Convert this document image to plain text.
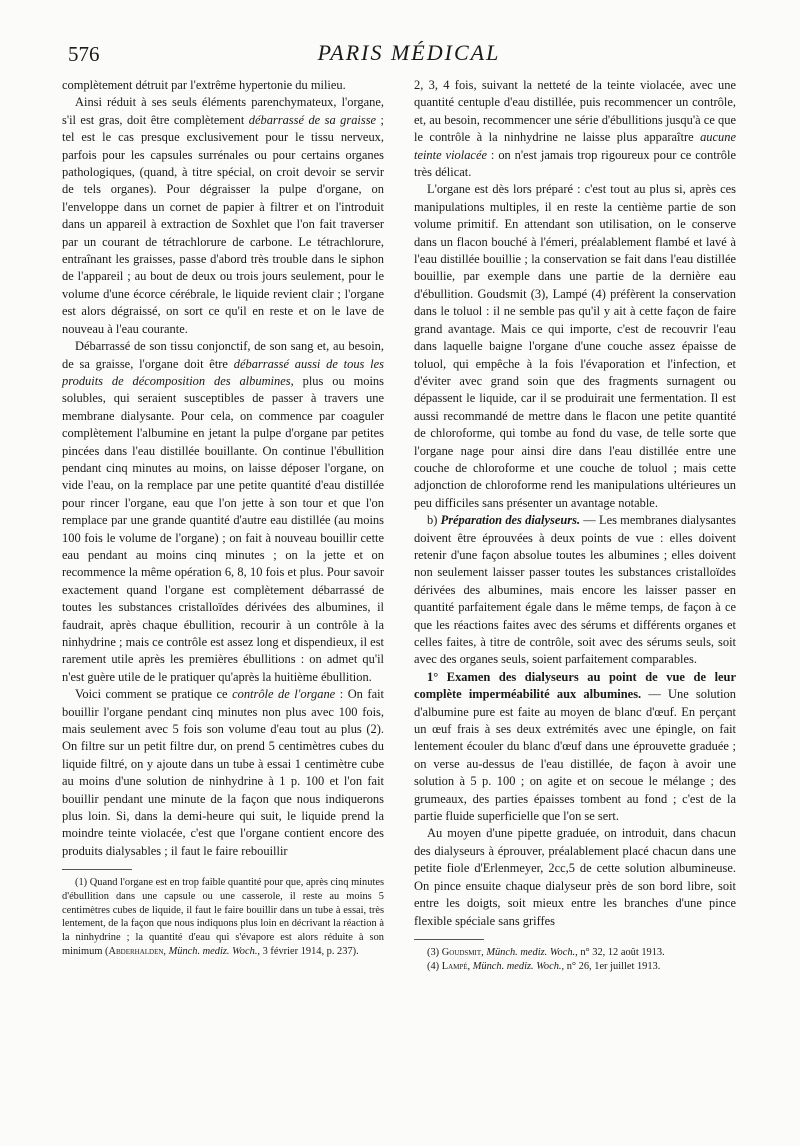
576	PARIS MÉDICAL

complètement détruit par l'extrême hypertonie du milieu.

Ainsi réduit à ses seuls éléments parenchymateux, l'organe, s'il est gras, doit être complètement débarrassé de sa graisse ; tel est le cas presque exclusivement pour le tissu nerveux, parfois pour les capsules surrénales ou pour certains organes pathologiques, (quand, à titre spécial, on croit devoir se servir de tels organes). Pour dégraisser la pulpe d'organe, on l'enveloppe dans un cornet de papier à filtrer et on l'introduit dans un appareil à extraction de Soxhlet que l'on fait traverser par un courant de tétrachlorure de carbone. Le tétrachlorure, entraînant les graisses, passe d'abord très trouble dans le siphon de l'appareil ; au bout de deux ou trois jours seulement, pour le volume d'une écorce cérébrale, le liquide revient clair ; l'organe est alors dégraissé, on sort ce qu'il en reste et on le lave de nouveau à l'eau courante.

Débarrassé de son tissu conjonctif, de son sang et, au besoin, de sa graisse, l'organe doit être débarrassé aussi de tous les produits de décomposition des albumines, plus ou moins solubles, qui seraient susceptibles de passer à travers une membrane dialysante. Pour cela, on commence par coaguler complètement l'albumine en jetant la pulpe d'organe par petites pincées dans l'eau distillée bouillante. On continue l'ébullition pendant cinq minutes au moins, on laisse déposer l'organe, on vide l'eau, on la remplace par une petite quantité d'eau distillée pour rincer l'organe, eau que l'on jette à son tour et que l'on remplace par une grande quantité d'autre eau distillée (au moins 100 fois le volume de l'organe) ; on fait à nouveau bouillir cette eau pendant au moins cinq minutes ; on la jette et on recommence la même opération 6, 8, 10 fois et plus. Pour savoir exactement quand l'organe est complètement débarrassé de toutes les substances cristalloïdes dérivées des albumines, il faudrait, après chaque ébullition, recourir à un contrôle à la ninhydrine ; mais ce contrôle est assez long et dispendieux, il est rarement utile après les premières ébullitions : on admet qu'il n'est guère utile de le pratiquer qu'après la huitième ébullition.

Voici comment se pratique ce contrôle de l'organe : On fait bouillir l'organe pendant cinq minutes non plus avec 100 fois, mais seulement avec 5 fois son volume d'eau tout au plus (2). On filtre sur un petit filtre dur, on prend 5 centimètres cubes du liquide filtré, on y ajoute dans un tube à essai 1 centimètre cube au moins d'une solution de ninhydrine à 1 p. 100 et l'on fait bouillir pendant une minute de la façon que nous indiquerons plus loin. Si, dans la demi-heure qui suit, le liquide prend la moindre teinte violacée, c'est que l'organe contient encore des produits dialysables ; il faut le faire rebouillir

(1) Quand l'organe est en trop faible quantité pour que, après cinq minutes d'ébullition dans une capsule ou une casserole, il reste au moins 5 centimètres cubes de liquide, il faut le faire bouillir dans un tube à essai, très lentement, de la façon que nous indiquons plus loin en décrivant la réaction à la ninhydrine ; la quantité d'eau qui s'évapore est alors réduite à son minimum (Abderhalden, Münch. mediz. Woch., 3 février 1914, p. 237).

2, 3, 4 fois, suivant la netteté de la teinte violacée, avec une quantité centuple d'eau distillée, puis recommencer un contrôle, et, au besoin, recommencer une série d'ébullitions jusqu'à ce que le contrôle à la ninhydrine ne laisse plus apparaître aucune teinte violacée : on n'est jamais trop rigoureux pour ce contrôle très délicat.

L'organe est dès lors préparé : c'est tout au plus si, après ces manipulations multiples, il en reste la centième partie de son volume primitif. En attendant son utilisation, on le conserve dans un flacon bouché à l'émeri, préalablement flambé et lavé à l'eau distillée bouillie ; la conservation se fait dans l'eau distillée bouillie, par exemple dans une partie de la dernière eau d'ébullition. Goudsmit (3), Lampé (4) préfèrent la conservation dans le toluol : il ne semble pas qu'il y ait à cette façon de faire grand avantage. Mais ce qui importe, c'est de recouvrir l'eau dans laquelle baigne l'organe d'une couche assez épaisse de toluol, qui empêche à la fois l'évaporation et l'infection, et d'éviter avec grand soin que des fragments surnagent ou dépassent le liquide, car il se produirait une fermentation. Il est aussi recommandé de mettre dans le flacon une petite quantité de chloroforme, qui tombe au fond du vase, de telle sorte que l'organe nage pour ainsi dire dans l'eau distillée entre une couche de chloroforme et une couche de toluol ; mais cette adjonction de chloroforme rend les manipulations ultérieures un peu difficiles sans présenter un avantage notable.

b) Préparation des dialyseurs. — Les membranes dialysantes doivent être éprouvées à deux points de vue : elles doivent retenir d'une façon absolue toutes les albumines ; elles doivent non seulement laisser passer toutes les substances cristalloïdes dérivées des albumines, mais encore les laisser passer en quantité parfaitement égale dans le même temps, de façon à ce que les réactions faites avec des sérums et différents organes et celles faites, à titre de contrôle, soit avec des sérums seuls, soit avec des organes seuls, soient parfaitement comparables.

1° Examen des dialyseurs au point de vue de leur complète imperméabilité aux albumines. — Une solution d'albumine pure est faite au moyen de blanc d'œuf. En perçant un œuf frais à ses deux extrémités avec une épingle, on fait lentement écouler du blanc d'œuf dans une éprouvette graduée ; on verse au-dessus de l'eau distillée, de façon à avoir une solution à 5 p. 100 ; on agite et on secoue le mélange ; des grumeaux, des parties épaisses tombent au fond ; c'est de la partie fluide superficielle que l'on se sert.

Au moyen d'une pipette graduée, on introduit, dans chacun des dialyseurs à éprouver, préalablement placé chacun dans une petite fiole d'Erlenmeyer, 2cc,5 de cette solution albumineuse. On pince ensuite chaque dialyseur près de son bord libre, soit entre les doigts, soit mieux entre les branches d'une pince flexible spéciale sans griffes

(3) Goudsmit, Münch. mediz. Woch., n° 32, 12 août 1913.

(4) Lampé, Münch. mediz. Woch., n° 26, 1er juillet 1913.
